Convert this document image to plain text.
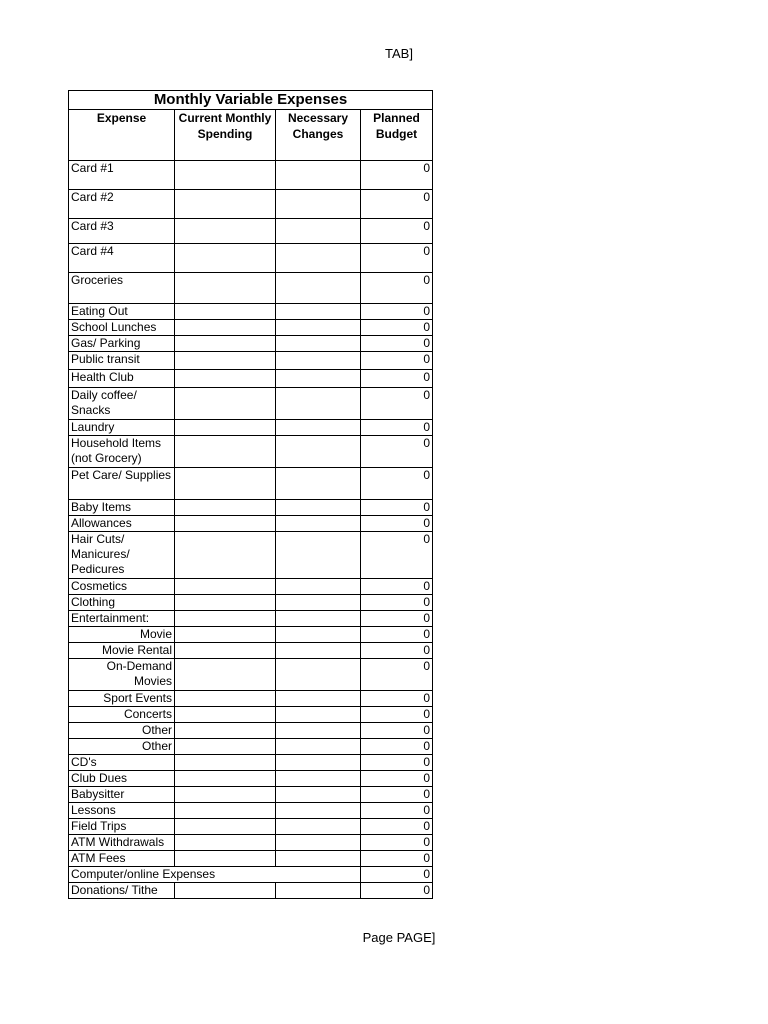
TAB]
Monthly Variable Expenses			
Expense	Current Monthly Spending	Necessary Changes	Planned Budget
Card #1			0
Card #2			0
Card #3			0
Card #4			0
Groceries			0
Eating Out			0
School Lunches			0
Gas/ Parking			0
Public transit			0
Health Club			0
Daily coffee/ Snacks			0
Laundry			0
Household Items (not Grocery)			0
Pet Care/ Supplies			0
Baby Items			0
Allowances			0
Hair Cuts/ Manicures/ Pedicures			0
Cosmetics			0
Clothing			0
Entertainment:			0
Movie			0
Movie Rental			0
On-Demand Movies			0
Sport Events			0
Concerts			0
Other			0
Other			0
CD's			0
Club Dues			0
Babysitter			0
Lessons			0
Field Trips			0
ATM Withdrawals			0
ATM Fees			0
Computer/online Expenses			0
Donations/ Tithe			0
Page PAGE]
